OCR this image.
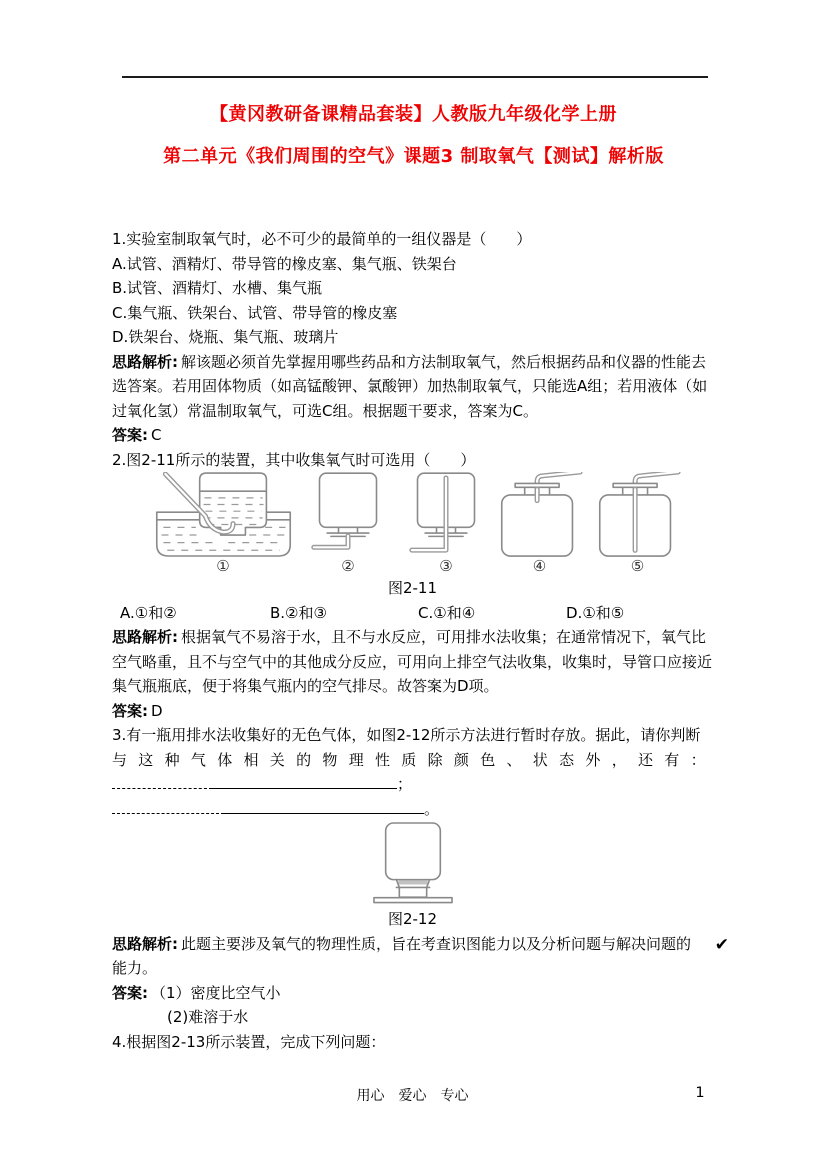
【黄冈教研备课精品套装】人教版九年级化学上册
第二单元《我们周围的空气》课题3 制取氧气【测试】解析版
1.实验室制取氧气时，必不可少的最简单的一组仪器是（　　）
A.试管、酒精灯、带导管的橡皮塞、集气瓶、铁架台
B.试管、酒精灯、水槽、集气瓶
C.集气瓶、铁架台、试管、带导管的橡皮塞
D.铁架台、烧瓶、集气瓶、玻璃片
思路解析: 解该题必须首先掌握用哪些药品和方法制取氧气，然后根据药品和仪器的性能去
选答案。若用固体物质（如高锰酸钾、氯酸钾）加热制取氧气，只能选A组；若用液体（如
过氧化氢）常温制取氧气，可选C组。根据题干要求，答案为C。
答案: C
2.图2-11所示的装置，其中收集氧气时可选用（　　）
①	②	③	④	⑤
图2-11
A.①和②	B.②和③	C.①和④	D.①和⑤
思路解析: 根据氧气不易溶于水，且不与水反应，可用排水法收集；在通常情况下，氧气比
空气略重，且不与空气中的其他成分反应，可用向上排空气法收集，收集时，导管口应接近
集气瓶瓶底，便于将集气瓶内的空气排尽。故答案为D项。
答案: D
3.有一瓶用排水法收集好的无色气体，如图2-12所示方法进行暂时存放。据此，请你判断
与这种气体相关的物理性质除颜色、状态外，还有：
；
。
图2-12
思路解析: 此题主要涉及氧气的物理性质，旨在考查识图能力以及分析问题与解决问题的 ✔
能力。
答案: （1）密度比空气小
(2)难溶于水
4.根据图2-13所示装置，完成下列问题：
用心　爱心　专心	1
